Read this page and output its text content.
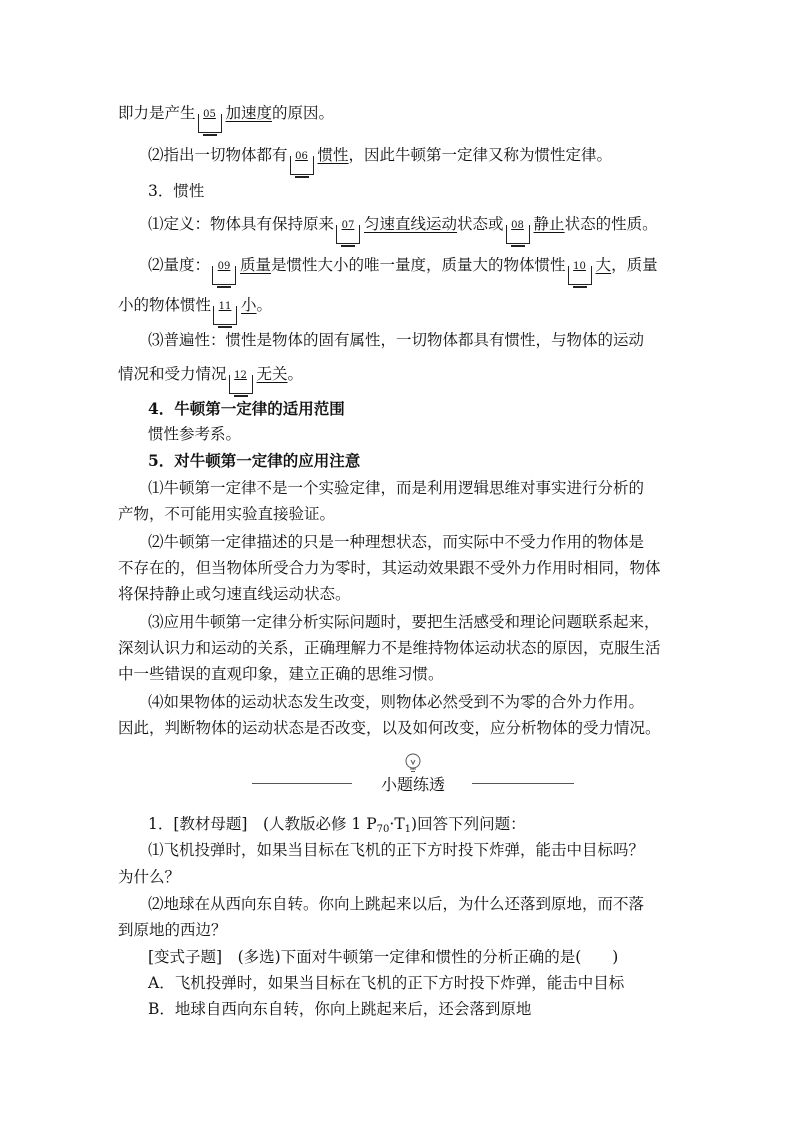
即力是产生 05 加速度的原因。
⑵指出一切物体都有 06 惯性，因此牛顿第一定律又称为惯性定律。
3．惯性
⑴定义：物体具有保持原来 07 匀速直线运动状态或 08 静止状态的性质。
⑵量度： 09 质量是惯性大小的唯一量度，质量大的物体惯性 10 大，质量
小的物体惯性 11 小。
⑶普遍性：惯性是物体的固有属性，一切物体都具有惯性，与物体的运动
情况和受力情况 12 无关。
4．牛顿第一定律的适用范围
惯性参考系。
5．对牛顿第一定律的应用注意
⑴牛顿第一定律不是一个实验定律，而是利用逻辑思维对事实进行分析的
产物，不可能用实验直接验证。
⑵牛顿第一定律描述的只是一种理想状态，而实际中不受力作用的物体是
不存在的，但当物体所受合力为零时，其运动效果跟不受外力作用时相同，物体
将保持静止或匀速直线运动状态。
⑶应用牛顿第一定律分析实际问题时，要把生活感受和理论问题联系起来，
深刻认识力和运动的关系，正确理解力不是维持物体运动状态的原因，克服生活
中一些错误的直观印象，建立正确的思维习惯。
⑷如果物体的运动状态发生改变，则物体必然受到不为零的合外力作用。
因此，判断物体的运动状态是否改变，以及如何改变，应分析物体的受力情况。
小题练透
1．[教材母题]　(人教版必修 1 $P_{70}\cdot T_1$)回答下列问题：
⑴飞机投弹时，如果当目标在飞机的正下方时投下炸弹，能击中目标吗？
为什么？
⑵地球在从西向东自转。你向上跳起来以后，为什么还落到原地，而不落
到原地的西边？
[变式子题]　(多选)下面对牛顿第一定律和惯性的分析正确的是(　　)
A．飞机投弹时，如果当目标在飞机的正下方时投下炸弹，能击中目标
B．地球自西向东自转，你向上跳起来后，还会落到原地
